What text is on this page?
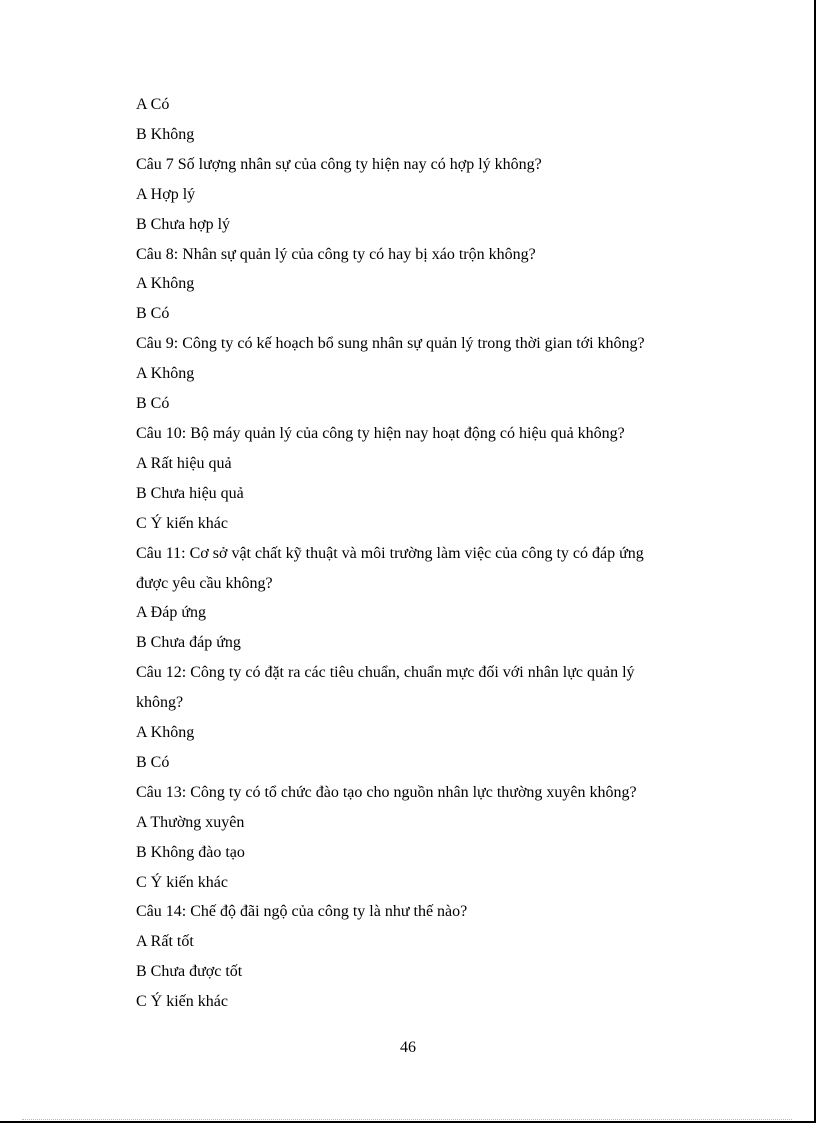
A Có
B Không
Câu 7 Số lượng nhân sự của công ty hiện nay có hợp lý không?
A Hợp lý
B Chưa hợp lý
Câu 8: Nhân sự quản lý của công ty có hay bị xáo trộn không?
A Không
B Có
Câu 9: Công ty có kế hoạch bổ sung nhân sự quản lý trong thời gian tới không?
A Không
B Có
Câu 10: Bộ máy quản lý của công ty hiện nay hoạt động có hiệu quả không?
A Rất hiệu quả
B Chưa hiệu quả
C Ý kiến khác
Câu 11: Cơ sở vật chất kỹ thuật và môi trường làm việc của công ty có đáp ứng
được yêu cầu không?
A Đáp ứng
B Chưa đáp ứng
Câu 12: Công ty có đặt ra các tiêu chuẩn, chuẩn mực đối với nhân lực quản lý
không?
A Không
B Có
Câu 13: Công ty có tổ chức đào tạo cho nguồn nhân lực thường xuyên không?
A Thường xuyên
B Không đào tạo
C Ý kiến khác
Câu 14: Chế độ đãi ngộ của công ty là như thế nào?
A Rất tốt
B Chưa được tốt
C Ý kiến khác
46
